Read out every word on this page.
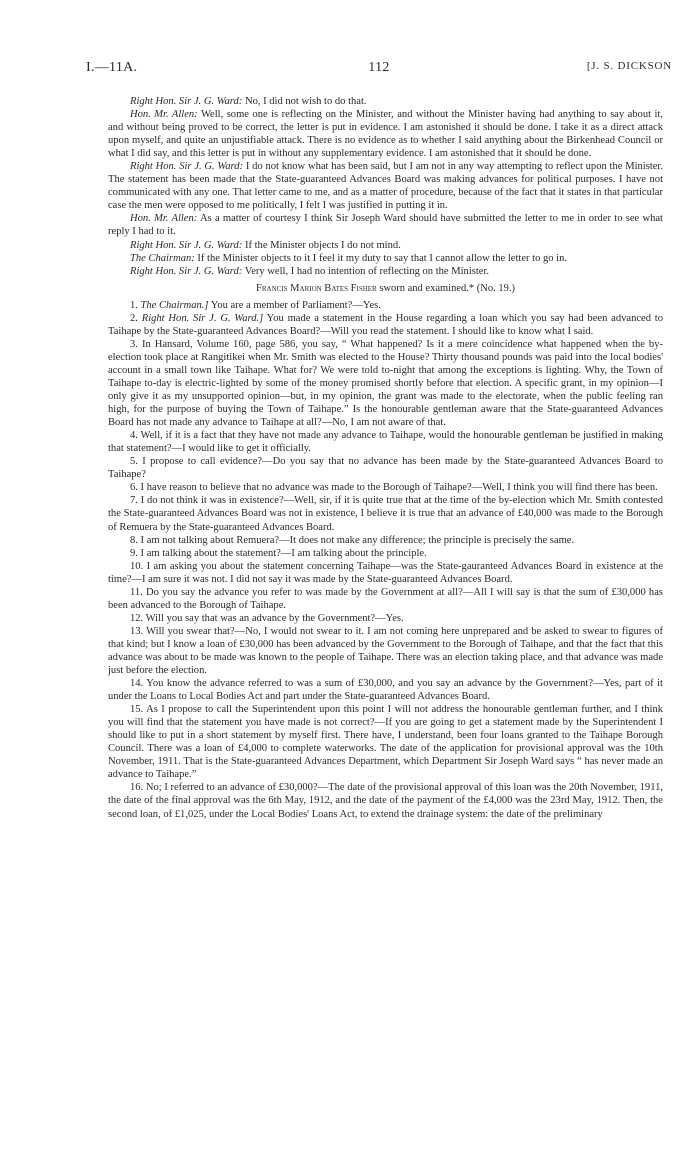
I.—11A.	112	[J. S. DICKSON

Right Hon. Sir J. G. Ward: No, I did not wish to do that.

Hon. Mr. Allen: Well, some one is reflecting on the Minister, and without the Minister having had anything to say about it, and without being proved to be correct, the letter is put in evidence. I am astonished it should be done. I take it as a direct attack upon myself, and quite an unjustifiable attack. There is no evidence as to whether I said anything about the Birkenhead Council or what I did say, and this letter is put in without any supplementary evidence. I am astonished that it should be done.

Right Hon. Sir J. G. Ward: I do not know what has been said, but I am not in any way attempting to reflect upon the Minister. The statement has been made that the State-guaranteed Advances Board was making advances for political purposes. I have not communicated with any one. That letter came to me, and as a matter of procedure, because of the fact that it states in that particular case the men were opposed to me politically, I felt I was justified in putting it in.

Hon. Mr. Allen: As a matter of courtesy I think Sir Joseph Ward should have submitted the letter to me in order to see what reply I had to it.

Right Hon. Sir J. G. Ward: If the Minister objects I do not mind.

The Chairman: If the Minister objects to it I feel it my duty to say that I cannot allow the letter to go in.

Right Hon. Sir J. G. Ward: Very well, I had no intention of reflecting on the Minister.

Francis Marion Bates Fisher sworn and examined.* (No. 19.)

1. The Chairman.] You are a member of Parliament?—Yes.

2. Right Hon. Sir J. G. Ward.] You made a statement in the House regarding a loan which you say had been advanced to Taihape by the State-guaranteed Advances Board?—Will you read the statement. I should like to know what I said.

3. In Hansard, Volume 160, page 586, you say, “ What happened? Is it a mere coincidence what happened when the by-election took place at Rangitikei when Mr. Smith was elected to the House? Thirty thousand pounds was paid into the local bodies' account in a small town like Taihape. What for? We were told to-night that among the exceptions is lighting. Why, the Town of Taihape to-day is electric-lighted by some of the money promised shortly before that election. A specific grant, in my opinion—I only give it as my unsupported opinion—but, in my opinion, the grant was made to the electorate, when the public feeling ran high, for the purpose of buying the Town of Taihape.” Is the honourable gentleman aware that the State-guaranteed Advances Board has not made any advance to Taihape at all?—No, I am not aware of that.

4. Well, if it is a fact that they have not made any advance to Taihape, would the honourable gentleman be justified in making that statement?—I would like to get it officially.

5. I propose to call evidence?—Do you say that no advance has been made by the State-guaranteed Advances Board to Taihape?

6. I have reason to believe that no advance was made to the Borough of Taihape?—Well, I think you will find there has been.

7. I do not think it was in existence?—Well, sir, if it is quite true that at the time of the by-election which Mr. Smith contested the State-guaranteed Advances Board was not in existence, I believe it is true that an advance of £40,000 was made to the Borough of Remuera by the State-guaranteed Advances Board.

8. I am not talking about Remuera?—It does not make any difference; the principle is precisely the same.

9. I am talking about the statement?—I am talking about the principle.

10. I am asking you about the statement concerning Taihape—was the State-gauranteed Advances Board in existence at the time?—I am sure it was not. I did not say it was made by the State-guaranteed Advances Board.

11. Do you say the advance you refer to was made by the Government at all?—All I will say is that the sum of £30,000 has been advanced to the Borough of Taihape.

12. Will you say that was an advance by the Government?—Yes.

13. Will you swear that?—No, I would not swear to it. I am not coming here unprepared and be asked to swear to figures of that kind; but I know a loan of £30,000 has been advanced by the Government to the Borough of Taihape, and that the fact that this advance was about to be made was known to the people of Taihape. There was an election taking place, and that advance was made just before the election.

14. You know the advance referred to was a sum of £30,000, and you say an advance by the Government?—Yes, part of it under the Loans to Local Bodies Act and part under the State-guaranteed Advances Board.

15. As I propose to call the Superintendent upon this point I will not address the honourable gentleman further, and I think you will find that the statement you have made is not correct?—If you are going to get a statement made by the Superintendent I should like to put in a short statement by myself first. There have, I understand, been four loans granted to the Taihape Borough Council. There was a loan of £4,000 to complete waterworks. The date of the application for provisional approval was the 10th November, 1911. That is the State-guaranteed Advances Department, which Department Sir Joseph Ward says “ has never made an advance to Taihape.”

16. No; I referred to an advance of £30,000?—The date of the provisional approval of this loan was the 20th November, 1911, the date of the final approval was the 6th May, 1912, and the date of the payment of the £4,000 was the 23rd May, 1912. Then, the second loan, of £1,025, under the Local Bodies' Loans Act, to extend the drainage system: the date of the preliminary
